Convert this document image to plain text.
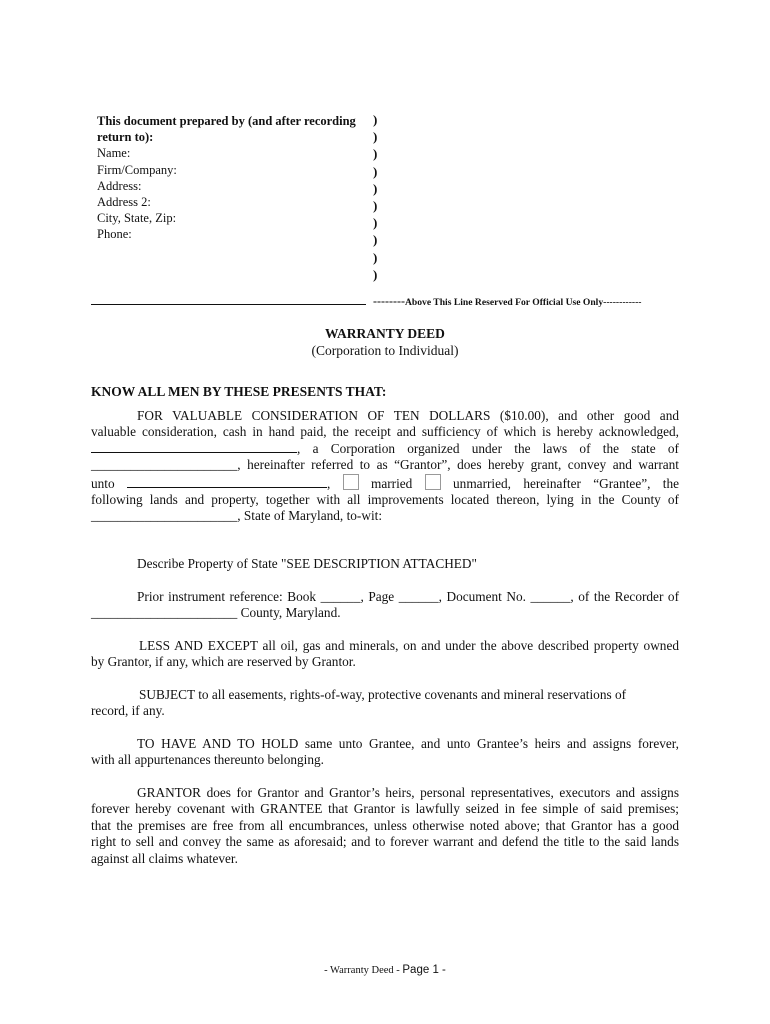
This document prepared by (and after recording
return to):
Name:
Firm/Company:
Address:
Address 2:
City, State, Zip:
Phone:
)
)
)
)
)
)
)
)
)
)
--------Above This Line Reserved For Official Use Only------------
WARRANTY DEED
(Corporation to Individual)
KNOW ALL MEN BY THESE PRESENTS THAT:
FOR VALUABLE CONSIDERATION OF TEN DOLLARS ($10.00), and other good and
valuable consideration, cash in hand paid, the receipt and sufficiency of which is hereby acknowledged,
, a Corporation organized under the laws of the state of
______________________, hereinafter referred to as “Grantor”, does hereby grant, convey and warrant
unto	,  married	unmarried, hereinafter “Grantee”, the
following lands and property, together with all improvements located thereon, lying in the County of
______________________, State of Maryland, to-wit:
Describe Property of State "SEE DESCRIPTION ATTACHED"
Prior instrument reference: Book ______, Page ______, Document No. ______, of the Recorder of
______________________ County, Maryland.
LESS AND EXCEPT all oil, gas and minerals, on and under the above described property owned
by Grantor, if any, which are reserved by Grantor.
SUBJECT to all easements, rights-of-way, protective covenants and mineral reservations of
record, if any.
TO HAVE AND TO HOLD same unto Grantee, and unto Grantee’s heirs and assigns forever,
with all appurtenances thereunto belonging.
GRANTOR does for Grantor and Grantor’s heirs, personal representatives, executors and assigns
forever hereby covenant with GRANTEE that Grantor is lawfully seized in fee simple of said premises;
that the premises are free from all encumbrances, unless otherwise noted above; that Grantor has a good
right to sell and convey the same as aforesaid; and to forever warrant and defend the title to the said lands
against all claims whatever.
- Warranty Deed - Page 1 -
